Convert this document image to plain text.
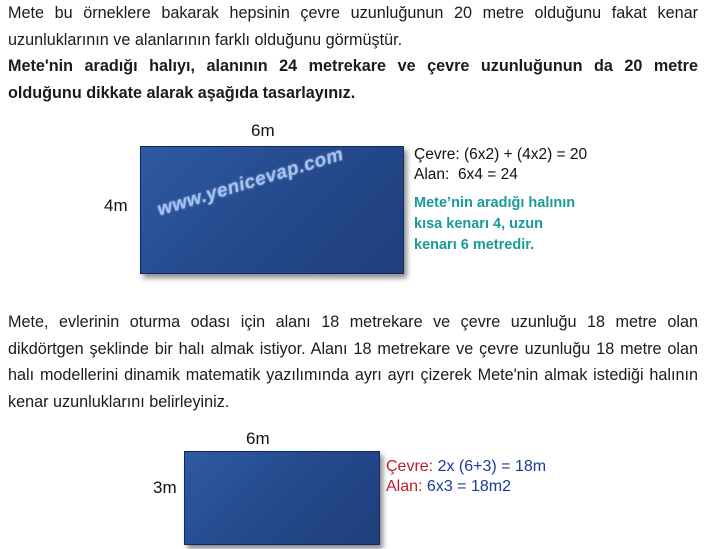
Mete bu örneklere bakarak hepsinin çevre uzunluğunun 20 metre olduğunu fakat kenar uzunluklarının ve alanlarının farklı olduğunu görmüştür.

Mete'nin aradığı halıyı, alanının 24 metrekare ve çevre uzunluğunun da 20 metre olduğunu dikkate alarak aşağıda tasarlayınız.

6m
4m www.yenicevap.com	Çevre: (6x2) + (4x2) = 20
Alan:  6x4 = 24
Mete’nin aradığı halının
kısa kenarı 4, uzun
kenarı 6 metredir.

Mete, evlerinin oturma odası için alanı 18 metrekare ve çevre uzunluğu 18 metre olan dikdörtgen şeklinde bir halı almak istiyor. Alanı 18 metrekare ve çevre uzunluğu 18 metre olan halı modellerini dinamik matematik yazılımında ayrı ayrı çizerek Mete'nin almak istediği halının kenar uzunluklarını belirleyiniz.

6m
3m
Çevre: 2x (6+3) = 18m
Alan: 6x3 = 18m2
